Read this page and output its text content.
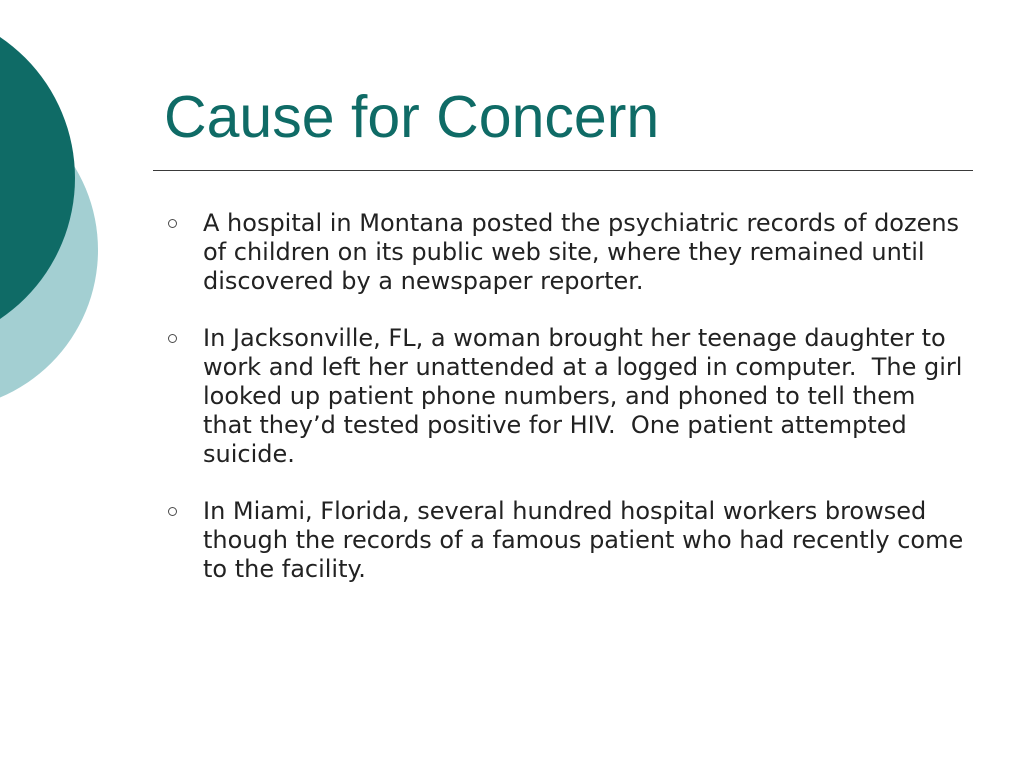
Cause for Concern
A hospital in Montana posted the psychiatric records of dozens of children on its public web site, where they remained until discovered by a newspaper reporter.
In Jacksonville, FL, a woman brought her teenage daughter to work and left her unattended at a logged in computer.  The girl looked up patient phone numbers, and phoned to tell them that they’d tested positive for HIV.  One patient attempted suicide.
In Miami, Florida, several hundred hospital workers browsed though the records of a famous patient who had recently come to the facility.
